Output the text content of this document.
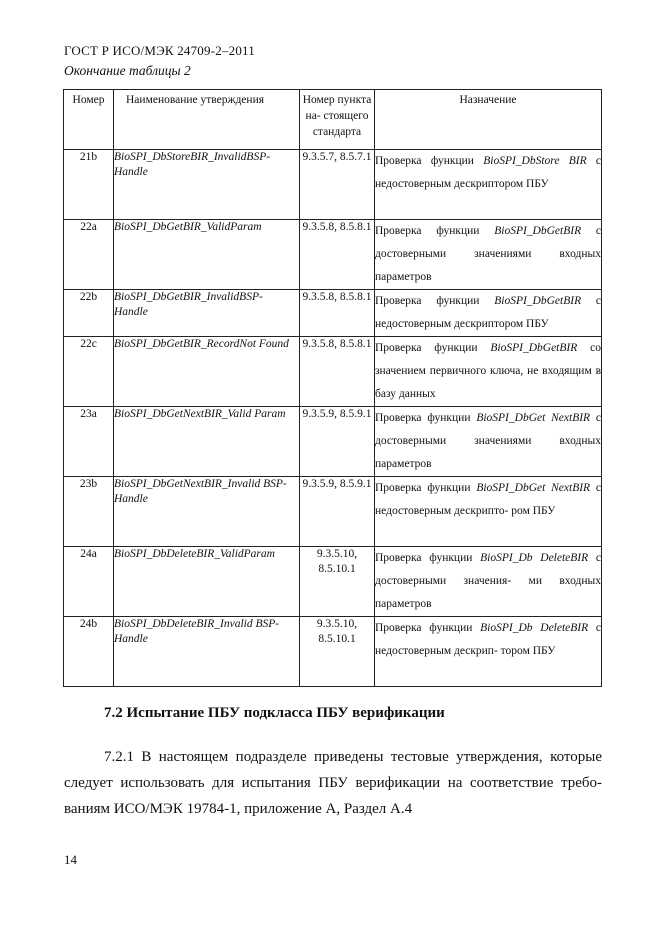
ГОСТ Р ИСО/МЭК 24709-2–2011
Окончание таблицы 2
Номер	Наименование утверждения	Номер пункта на- стоящего стандарта	Назначение
21b	BioSPI_DbStoreBIR_InvalidBSP- Handle	9.3.5.7, 8.5.7.1	Проверка функции BioSPI_DbStore BIR с недостоверным дескриптором ПБУ
22a	BioSPI_DbGetBIR_ValidParam	9.3.5.8, 8.5.8.1	Проверка функции BioSPI_DbGetBIR с достоверными значениями входных параметров
22b	BioSPI_DbGetBIR_InvalidBSP- Handle	9.3.5.8, 8.5.8.1	Проверка функции BioSPI_DbGetBIR с недостоверным дескриптором ПБУ
22c	BioSPI_DbGetBIR_RecordNot Found	9.3.5.8, 8.5.8.1	Проверка функции BioSPI_DbGetBIR со значением первичного ключа, не входящим в базу данных
23a	BioSPI_DbGetNextBIR_Valid Param	9.3.5.9, 8.5.9.1	Проверка функции BioSPI_DbGet NextBIR с достоверными значениями входных параметров
23b	BioSPI_DbGetNextBIR_Invalid BSP-Handle	9.3.5.9, 8.5.9.1	Проверка функции BioSPI_DbGet NextBIR с недостоверным дескрипто- ром ПБУ
24a	BioSPI_DbDeleteBIR_ValidParam	9.3.5.10, 8.5.10.1	Проверка функции BioSPI_Db DeleteBIR с достоверными значения- ми входных параметров
24b	BioSPI_DbDeleteBIR_Invalid BSP-Handle	9.3.5.10, 8.5.10.1	Проверка функции BioSPI_Db DeleteBIR с недостоверным дескрип- тором ПБУ
7.2 Испытание ПБУ подкласса ПБУ верификации
7.2.1 В настоящем подразделе приведены тестовые утверждения, которые следует использовать для испытания ПБУ верификации на соответствие требо- ваниям ИСО/МЭК 19784-1, приложение А, Раздел А.4
14
